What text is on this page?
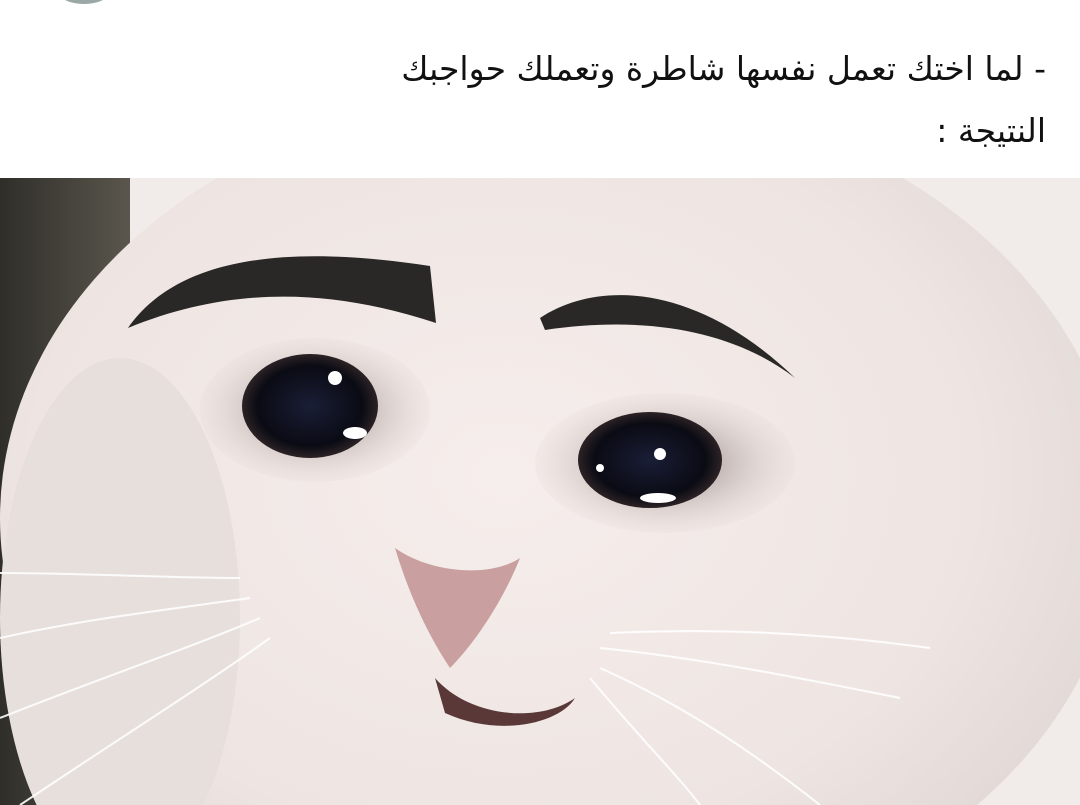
- لما اختك تعمل نفسها شاطرة وتعملك حواجبك
النتيجة :
